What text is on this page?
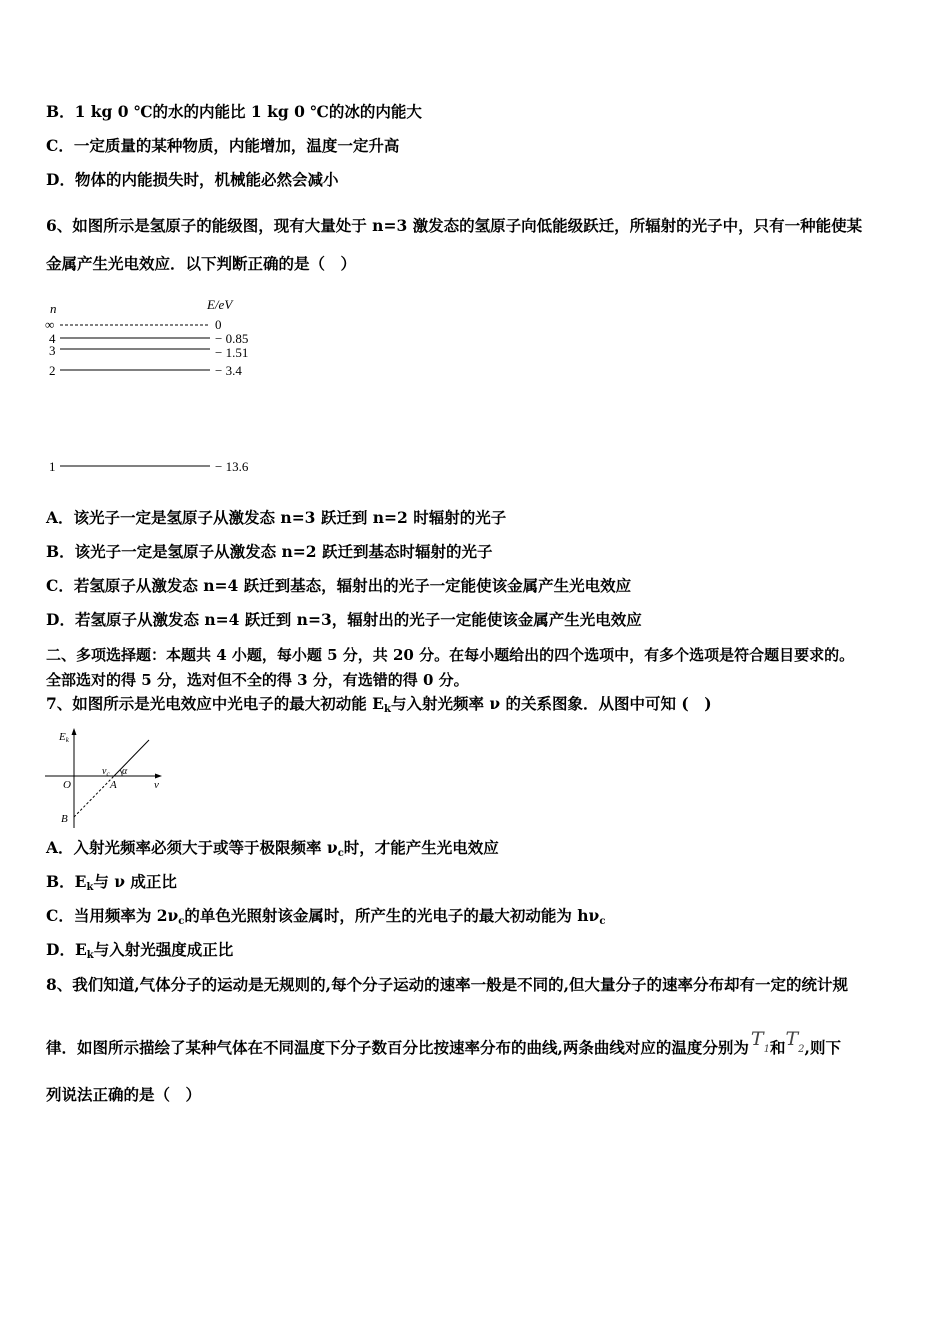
B．1 kg 0 ℃的水的内能比 1 kg 0 ℃的冰的内能大
C．一定质量的某种物质，内能增加，温度一定升高
D．物体的内能损失时，机械能必然会减小
6、如图所示是氢原子的能级图，现有大量处于 n=3 激发态的氢原子向低能级跃迁，所辐射的光子中，只有一种能使某
金属产生光电效应．以下判断正确的是（　）
n	E/eV
∞	0
4	− 0.85
3	− 1.51
2	− 3.4
1	− 13.6
A．该光子一定是氢原子从激发态 n=3 跃迁到 n=2 时辐射的光子
B．该光子一定是氢原子从激发态 n=2 跃迁到基态时辐射的光子
C．若氢原子从激发态 n=4 跃迁到基态，辐射出的光子一定能使该金属产生光电效应
D．若氢原子从激发态 n=4 跃迁到 n=3，辐射出的光子一定能使该金属产生光电效应
二、多项选择题：本题共 4 小题，每小题 5 分，共 20 分。在每小题给出的四个选项中，有多个选项是符合题目要求的。
全部选对的得 5 分，选对但不全的得 3 分，有选错的得 0 分。
7、如图所示是光电效应中光电子的最大初动能 $E_k$与入射光频率 ν 的关系图象．从图中可知 (　)
Ek
ν
O	A
B
$\nu_c$ α
A．入射光频率必须大于或等于极限频率 $\nu_c$时，才能产生光电效应
B．$E_k$与 ν 成正比
C．当用频率为 $2\nu_c$的单色光照射该金属时，所产生的光电子的最大初动能为 $h\nu_c$
D．$E_k$与入射光强度成正比
8、我们知道,气体分子的运动是无规则的,每个分子运动的速率一般是不同的,但大量分子的速率分布却有一定的统计规
律．如图所示描绘了某种气体在不同温度下分子数百分比按速率分布的曲线,两条曲线对应的温度分别为 $T_1$和$T_2$,则下
列说法正确的是（　）
